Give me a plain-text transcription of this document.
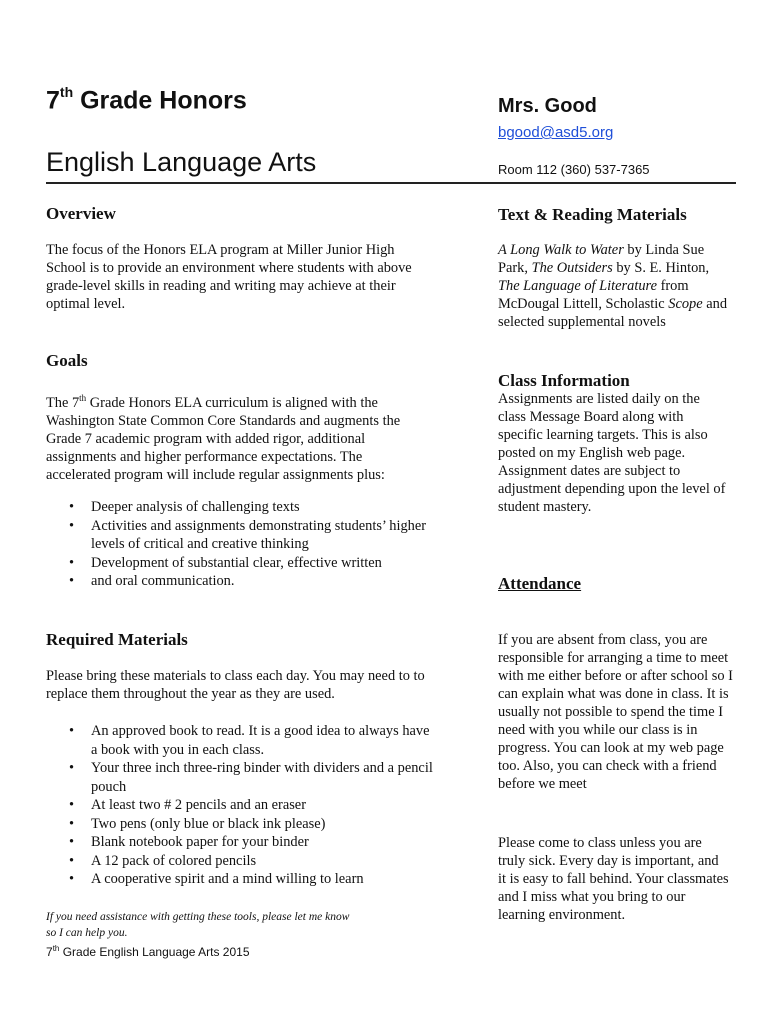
7th Grade Honors
English Language Arts
Mrs. Good
bgood@asd5.org
Room 112 (360) 537-7365
Overview
The focus of the Honors ELA program at Miller Junior High School is to provide an environment where students with above grade-level skills in reading and writing may achieve at their optimal level.
Goals
The 7th Grade Honors ELA curriculum is aligned with the Washington State Common Core Standards and augments the Grade 7 academic program with added rigor, additional assignments and higher performance expectations. The accelerated program will include regular assignments plus:
• Deeper analysis of challenging texts
• Activities and assignments demonstrating students’ higher levels of critical and creative thinking
• Development of substantial clear, effective written
• and oral communication.
Required Materials
Please bring these materials to class each day. You may need to to replace them throughout the year as they are used.
• An approved book to read. It is a good idea to always have a book with you in each class.
• Your three inch three-ring binder with dividers and a pencil pouch
• At least two # 2 pencils and an eraser
• Two pens (only blue or black ink please)
• Blank notebook paper for your binder
• A 12 pack of colored pencils
• A cooperative spirit and a mind willing to learn
If you need assistance with getting these tools, please let me know so I can help you.
7th Grade English Language Arts 2015
Text & Reading Materials
A Long Walk to Water by Linda Sue Park, The Outsiders by S. E. Hinton, The Language of Literature from McDougal Littell, Scholastic Scope and selected supplemental novels
Class Information
Assignments are listed daily on the class Message Board along with specific learning targets. This is also posted on my English web page. Assignment dates are subject to adjustment depending upon the level of student mastery.
Attendance
If you are absent from class, you are responsible for arranging a time to meet with me either before or after school so I can explain what was done in class. It is usually not possible to spend the time I need with you while our class is in progress. You can look at my web page too. Also, you can check with a friend before we meet
Please come to class unless you are truly sick. Every day is important, and it is easy to fall behind. Your classmates and I miss what you bring to our learning environment.
